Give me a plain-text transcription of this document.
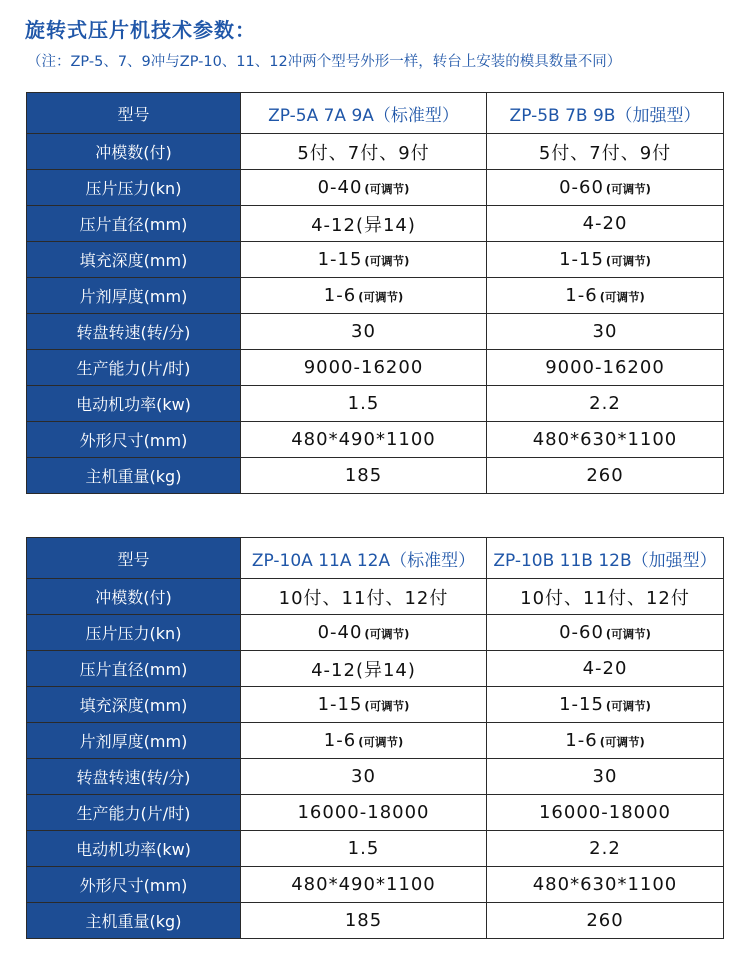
旋转式压片机技术参数：
（注：ZP-5、7、9冲与ZP-10、11、12冲两个型号外形一样，转台上安装的模具数量不同）
型号	ZP-5A 7A 9A（标准型）	ZP-5B 7B 9B（加强型）
冲模数(付)	5付、7付、9付	5付、7付、9付
压片压力(kn)	0-40 (可调节)	0-60 (可调节)
压片直径(mm)	4-12(异14)	4-20
填充深度(mm)	1-15 (可调节)	1-15 (可调节)
片剂厚度(mm)	1-6 (可调节)	1-6 (可调节)
转盘转速(转/分)	30	30
生产能力(片/时)	9000-16200	9000-16200
电动机功率(kw)	1.5	2.2
外形尺寸(mm)	480*490*1100	480*630*1100
主机重量(kg)	185	260
型号	ZP-10A 11A 12A（标准型）	ZP-10B 11B 12B（加强型）
冲模数(付)	10付、11付、12付	10付、11付、12付
压片压力(kn)	0-40 (可调节)	0-60 (可调节)
压片直径(mm)	4-12(异14)	4-20
填充深度(mm)	1-15 (可调节)	1-15 (可调节)
片剂厚度(mm)	1-6 (可调节)	1-6 (可调节)
转盘转速(转/分)	30	30
生产能力(片/时)	16000-18000	16000-18000
电动机功率(kw)	1.5	2.2
外形尺寸(mm)	480*490*1100	480*630*1100
主机重量(kg)	185	260
